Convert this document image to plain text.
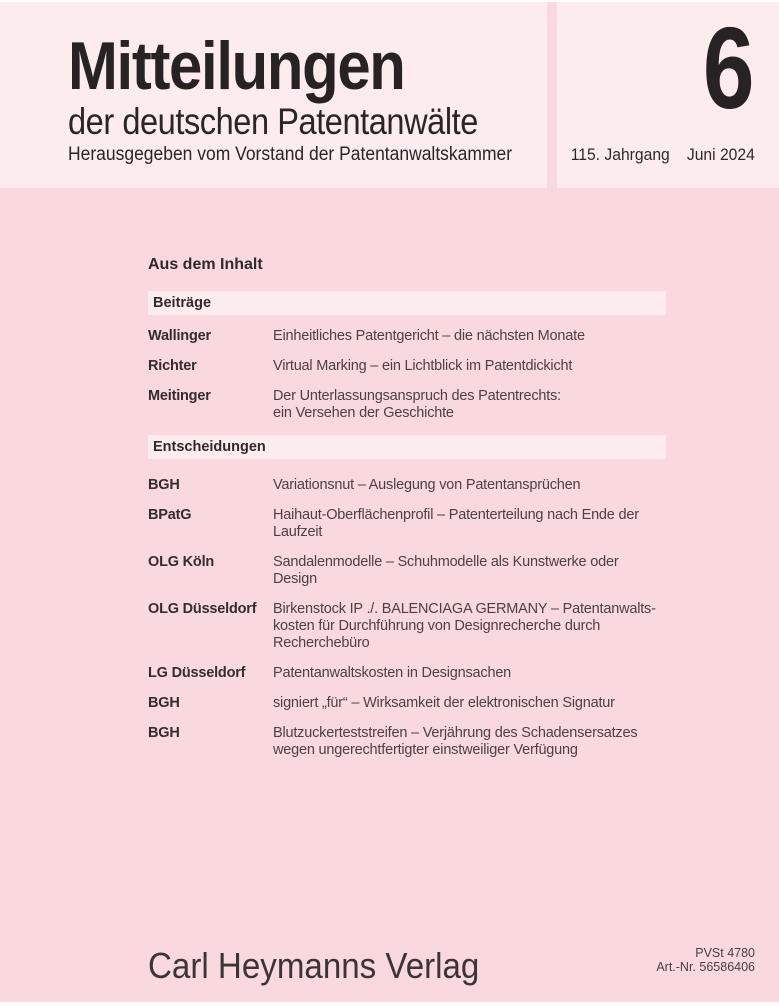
Mitteilungen
der deutschen Patentanwälte
Herausgegeben vom Vorstand der Patentanwaltskammer
6
115. Jahrgang Juni 2024
Aus dem Inhalt
Beiträge
Wallinger	Einheitliches Patentgericht – die nächsten Monate
Richter	Virtual Marking – ein Lichtblick im Patentdickicht
Meitinger	Der Unterlassungsanspruch des Patentrechts:
ein Versehen der Geschichte
Entscheidungen
BGH	Variationsnut – Auslegung von Patentansprüchen
BPatG	Haihaut-Oberflächenprofil – Patenterteilung nach Ende der
Laufzeit
OLG Köln	Sandalenmodelle – Schuhmodelle als Kunstwerke oder Design
OLG Düsseldorf	Birkenstock IP ./. BALENCIAGA GERMANY – Patentanwalts-
kosten für Durchführung von Designrecherche durch
Recherchebüro
LG Düsseldorf	Patentanwaltskosten in Designsachen
BGH	signiert „für“ – Wirksamkeit der elektronischen Signatur
BGH	Blutzuckerteststreifen – Verjährung des Schadensersatzes
wegen ungerechtfertigter einstweiliger Verfügung
Carl Heymanns Verlag	PVSt 4780
Art.-Nr. 56586406
